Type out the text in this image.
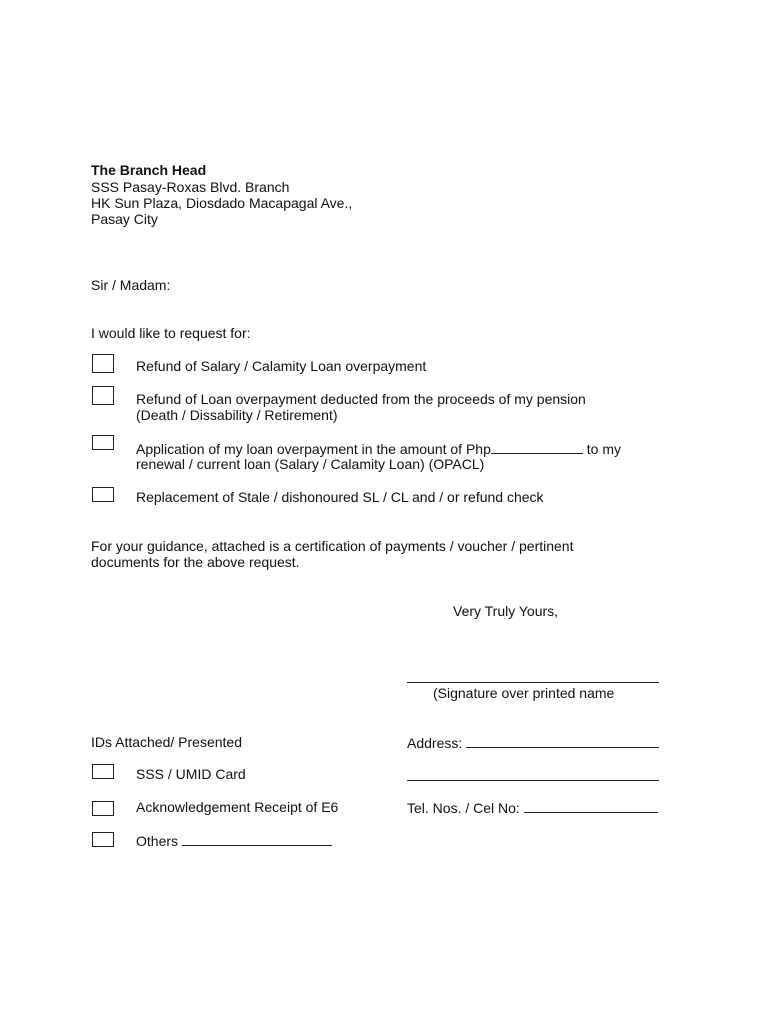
The Branch Head
SSS Pasay-Roxas Blvd. Branch
HK Sun Plaza, Diosdado Macapagal Ave.,
Pasay City
Sir / Madam:
I would like to request for:
Refund of Salary / Calamity Loan overpayment
Refund of Loan overpayment deducted from the proceeds of my pension
(Death / Dissability / Retirement)
Application of my loan overpayment in the amount of Php	to my
renewal / current loan (Salary / Calamity Loan) (OPACL)
Replacement of Stale / dishonoured SL / CL and / or refund check
For your guidance, attached is a certification of payments / voucher / pertinent
documents for the above request.
Very Truly Yours,
(Signature over printed name
IDs Attached/ Presented
SSS / UMID Card
Acknowledgement Receipt of E6
Others
Address:
Tel. Nos. / Cel No:
